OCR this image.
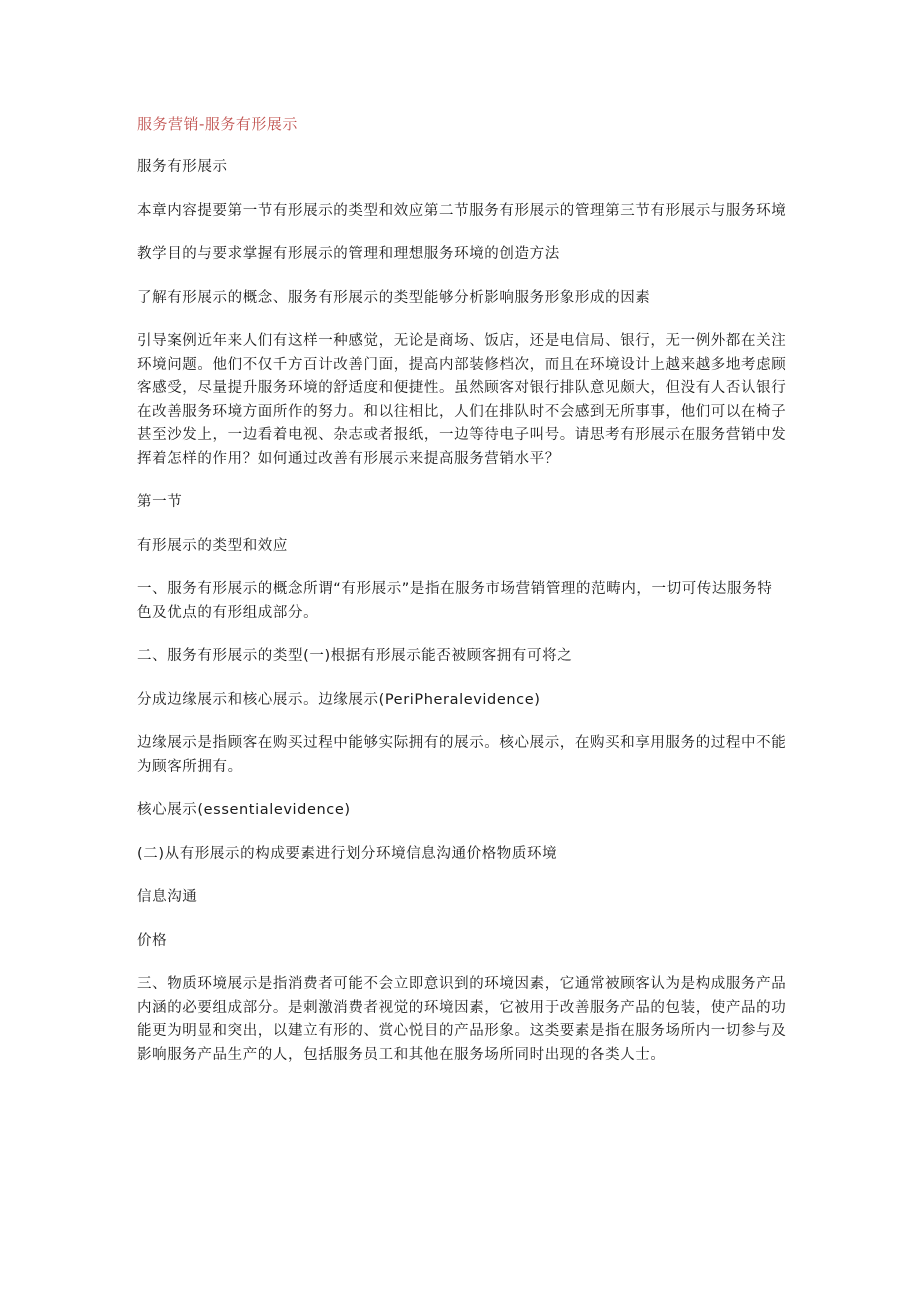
服务营销-服务有形展示

服务有形展示

本章内容提要第一节有形展示的类型和效应第二节服务有形展示的管理第三节有形展示与服务环境

教学目的与要求掌握有形展示的管理和理想服务环境的创造方法

了解有形展示的概念、服务有形展示的类型能够分析影响服务形象形成的因素

引导案例近年来人们有这样一种感觉，无论是商场、饭店，还是电信局、银行，无一例外都在关注环境问题。他们不仅千方百计改善门面，提高内部装修档次，而且在环境设计上越来越多地考虑顾客感受，尽量提升服务环境的舒适度和便捷性。虽然顾客对银行排队意见颇大，但没有人否认银行在改善服务环境方面所作的努力。和以往相比，人们在排队时不会感到无所事事，他们可以在椅子甚至沙发上，一边看着电视、杂志或者报纸，一边等待电子叫号。请思考有形展示在服务营销中发挥着怎样的作用？如何通过改善有形展示来提高服务营销水平？

第一节

有形展示的类型和效应

一、服务有形展示的概念所谓“有形展示”是指在服务市场营销管理的范畴内，一切可传达服务特色及优点的有形组成部分。

二、服务有形展示的类型(一)根据有形展示能否被顾客拥有可将之

分成边缘展示和核心展示。边缘展示(PeriPheralevidence)

边缘展示是指顾客在购买过程中能够实际拥有的展示。核心展示，在购买和享用服务的过程中不能为顾客所拥有。

核心展示(essentialevidence)

(二)从有形展示的构成要素进行划分环境信息沟通价格物质环境

信息沟通

价格

三、物质环境展示是指消费者可能不会立即意识到的环境因素，它通常被顾客认为是构成服务产品内涵的必要组成部分。是刺激消费者视觉的环境因素，它被用于改善服务产品的包装，使产品的功能更为明显和突出，以建立有形的、赏心悦目的产品形象。这类要素是指在服务场所内一切参与及影响服务产品生产的人，包括服务员工和其他在服务场所同时出现的各类人士。
